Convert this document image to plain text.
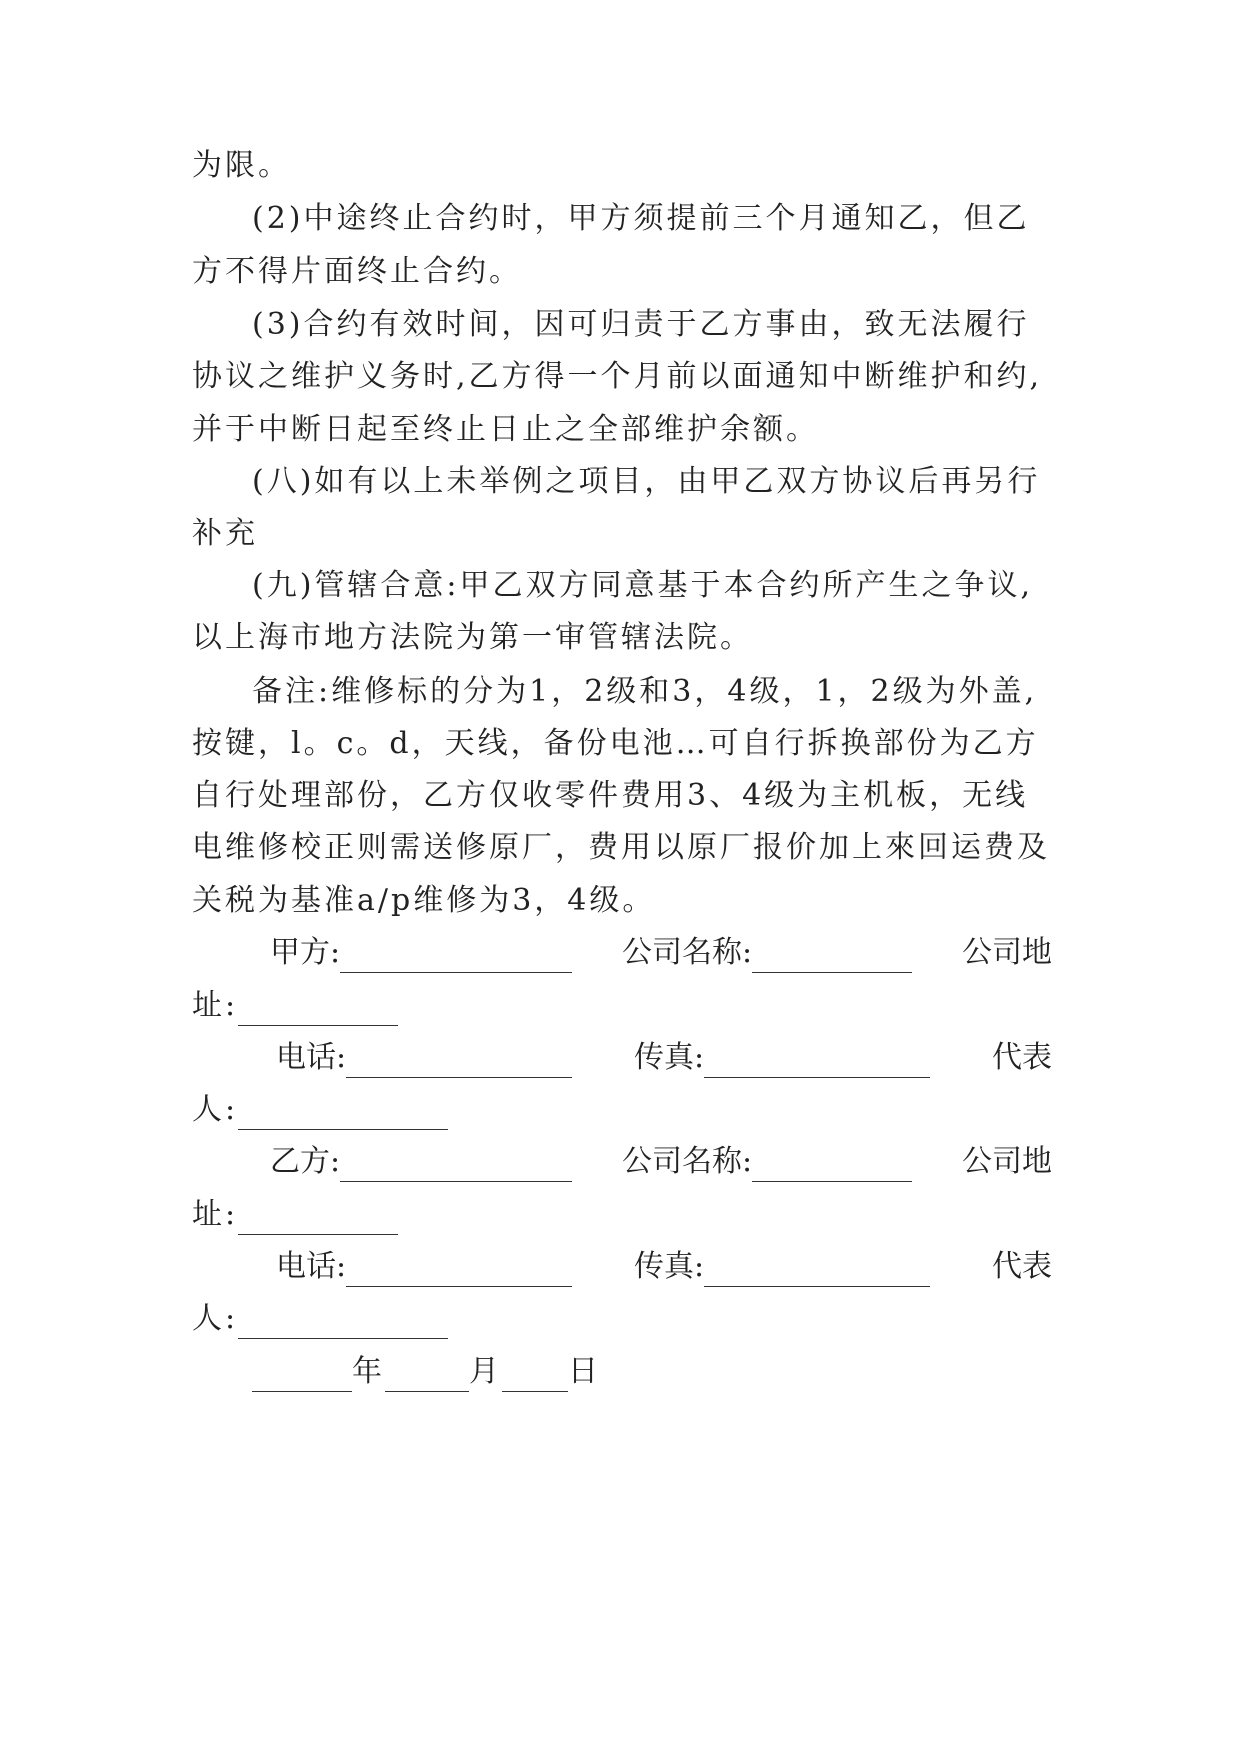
为限。
(2)中途终止合约时，甲方须提前三个月通知乙，但乙
方不得片面终止合约。
(3)合约有效时间，因可归责于乙方事由，致无法履行
协议之维护义务时,乙方得一个月前以面通知中断维护和约,
并于中断日起至终止日止之全部维护余额。
(八)如有以上未举例之项目，由甲乙双方协议后再另行
补充
(九)管辖合意:甲乙双方同意基于本合约所产生之争议,
以上海市地方法院为第一审管辖法院。
备注:维修标的分为1，2级和3，4级，1，2级为外盖,
按键，l。c。d，天线，备份电池…可自行拆换部份为乙方
自行处理部份，乙方仅收零件费用3、4级为主机板，无线
电维修校正则需送修原厂，费用以原厂报价加上來回运费及
关税为基准a/p维修为3，4级。
甲方:	公司名称:	公司地
址:
电话:	传真:	代表
人:
乙方:	公司名称:	公司地
址:
电话:	传真:	代表
人:
年	月 日
